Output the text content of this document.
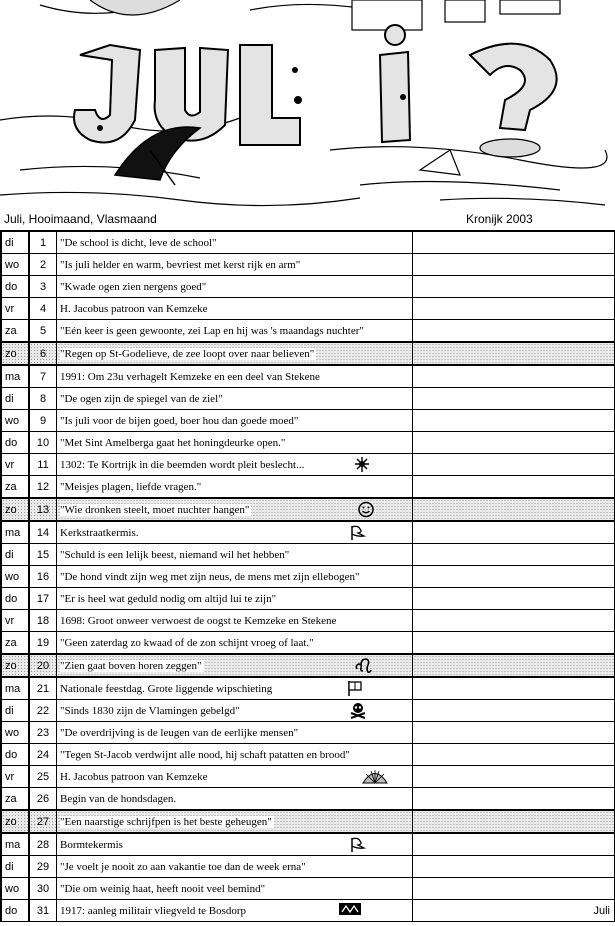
Juli, Hooimaand, Vlasmaand	Kronijk 2003
di	1	"De school is dicht, leve de school"	
wo	2	"Is juli helder en warm, bevriest met kerst rijk en arm"	
do	3	"Kwade ogen zien nergens goed"	
vr	4	H. Jacobus patroon van Kemzeke	
za	5	"Eén keer is geen gewoonte, zei Lap en hij was 's maandags nuchter"	
zo	6	"Regen op St-Godelieve, de zee loopt over naar believen"	
ma	7	1991: Om 23u verhagelt Kemzeke en een deel van Stekene	
di	8	"De ogen zijn de spiegel van de ziel"	
wo	9	"Is juli voor de bijen goed, boer hou dan goede moed"	
do	10	"Met Sint Amelberga gaat het honingdeurke open."	
vr	11	1302: Te Kortrijk in die beemden wordt pleit beslecht...

za	12	"Meisjes plagen, liefde vragen."	
zo	13	"Wie dronken steelt, moet nuchter hangen"

ma	14	Kerkstraatkermis.

di	15	"Schuld is een lelijk beest, niemand wil het hebben"	
wo	16	"De hond vindt zijn weg met zijn neus, de mens met zijn ellebogen"	
do	17	"Er is heel wat geduld nodig om altijd lui te zijn"	
vr	18	1698: Groot onweer verwoest de oogst te Kemzeke en Stekene	
za	19	"Geen zaterdag zo kwaad of de zon schijnt vroeg of laat."	
zo	20	"Zien gaat boven horen zeggen"

ma	21	Nationale feestdag. Grote liggende wipschieting

di	22	"Sinds 1830 zijn de Vlamingen gebelgd"

wo	23	"De overdrijving is de leugen van de eerlijke mensen"	
do	24	"Tegen St-Jacob verdwijnt alle nood, hij schaft patatten en brood"	
vr	25	H. Jacobus patroon van Kemzeke

za	26	Begin van de hondsdagen.	
zo	27	"Een naarstige schrijfpen is het beste geheugen"	
ma	28	Bormtekermis

di	29	"Je voelt je nooit zo aan vakantie toe dan de week erna"	
wo	30	"Die om weinig haat, heeft nooit veel bemind"	
do	31	1917: aanleg militair vliegveld te Bosdorp	Juli
